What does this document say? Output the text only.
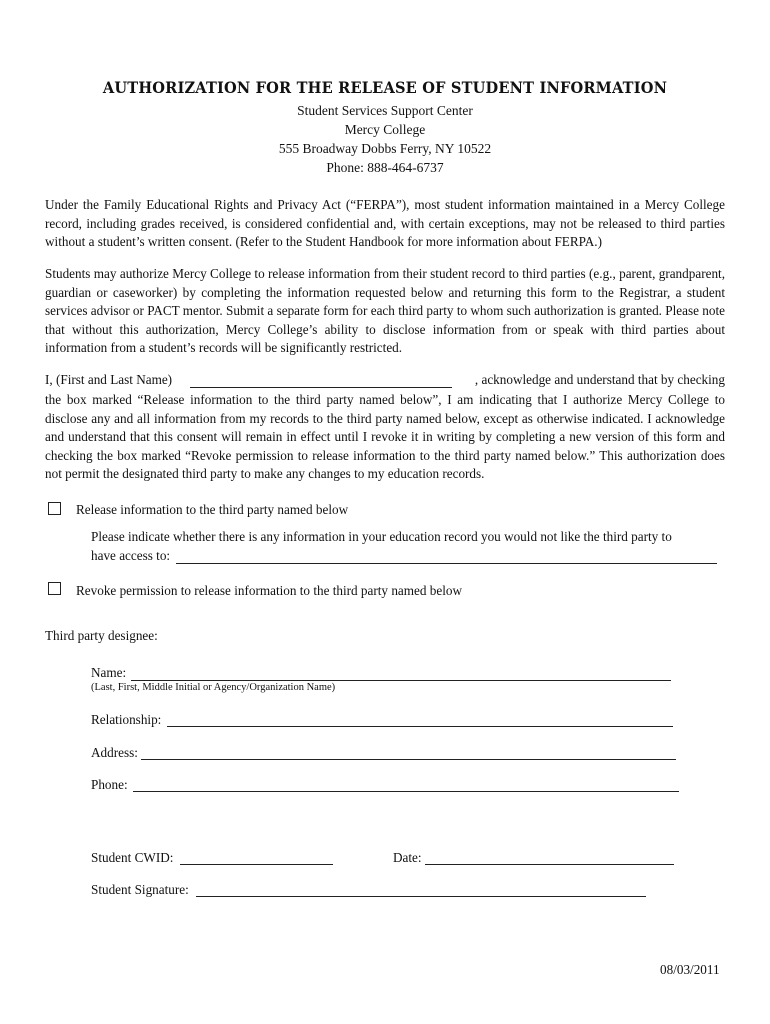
AUTHORIZATION FOR THE RELEASE OF STUDENT INFORMATION
Student Services Support Center
Mercy College
555 Broadway Dobbs Ferry, NY 10522
Phone: 888-464-6737

Under the Family Educational Rights and Privacy Act (“FERPA”), most student information maintained in a Mercy College record, including grades received, is considered confidential and, with certain exceptions, may not be released to third parties without a student’s written consent. (Refer to the Student Handbook for more information about FERPA.)

Students may authorize Mercy College to release information from their student record to third parties (e.g., parent, grandparent, guardian or caseworker) by completing the information requested below and returning this form to the Registrar, a student services advisor or PACT mentor. Submit a separate form for each third party to whom such authorization is granted. Please note that without this authorization, Mercy College’s ability to disclose information from or speak with third parties about information from a student’s records will be significantly restricted.

I, (First and Last Name)	, acknowledge and understand that by checking

the box marked “Release information to the third party named below”, I am indicating that I authorize Mercy College to disclose any and all information from my records to the third party named below, except as otherwise indicated. I acknowledge and understand that this consent will remain in effect until I revoke it in writing by completing a new version of this form and checking the box marked “Revoke permission to release information to the third party named below.” This authorization does not permit the designated third party to make any changes to my education records.

Release information to the third party named below
Please indicate whether there is any information in your education record you would not like the third party to
have access to:
Revoke permission to release information to the third party named below
Third party designee:
Name:
(Last, First, Middle Initial or Agency/Organization Name)
Relationship:
Address:
Phone:
Student CWID:	Date:
Student Signature:
08/03/2011
